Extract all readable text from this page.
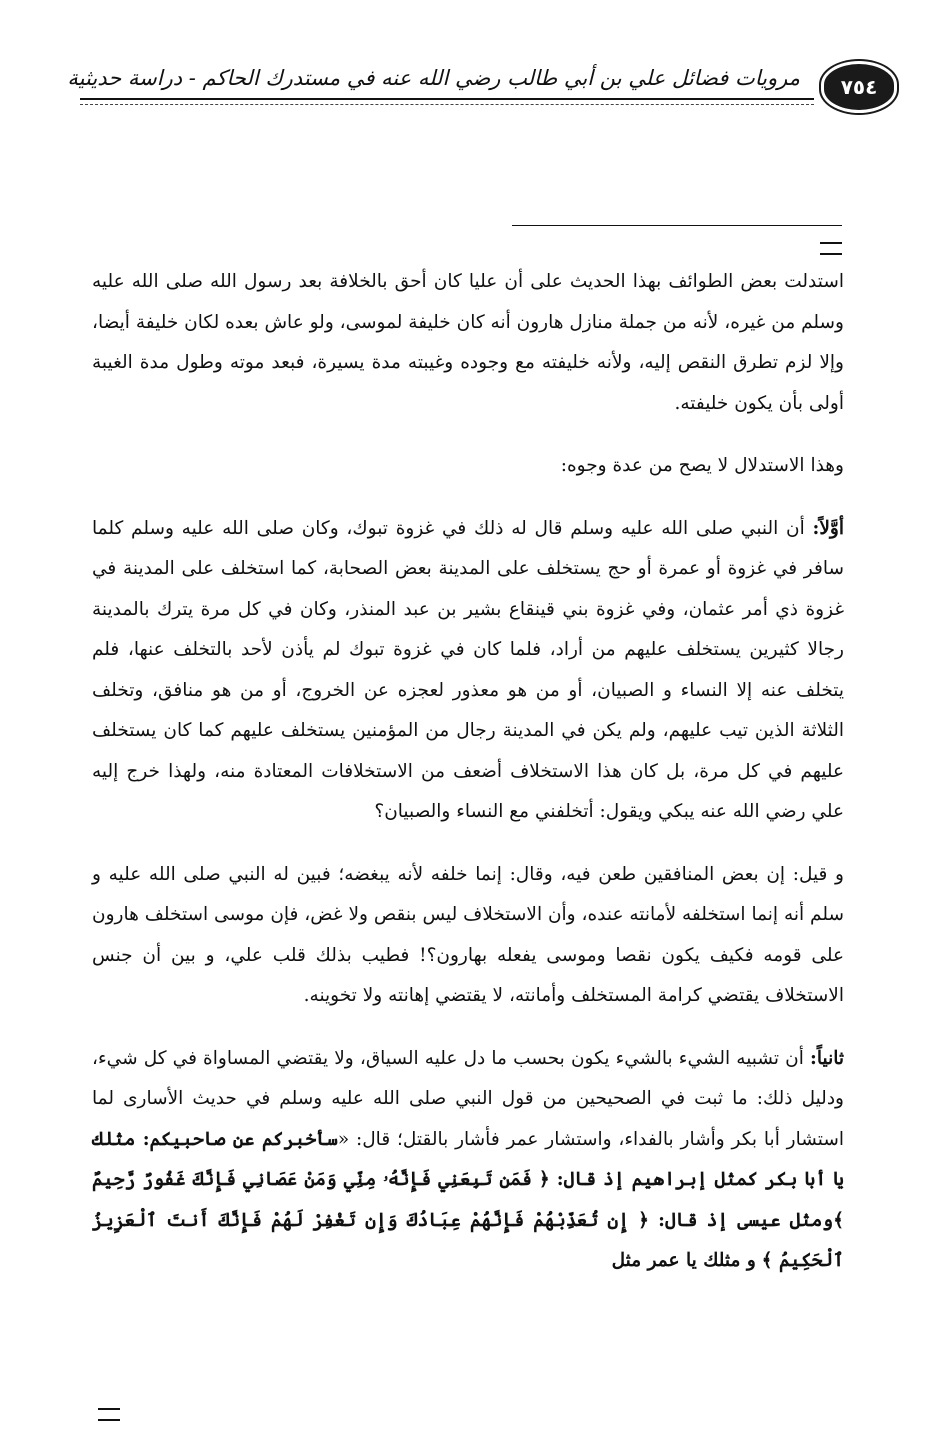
٧٥٤
مرويات فضائل علي بن أبي طالب رضي الله عنه في مستدرك الحاكم - دراسة حديثية

استدلت بعض الطوائف بهذا الحديث على أن عليا كان أحق بالخلافة بعد رسول الله صلى الله عليه وسلم من غيره، لأنه من جملة منازل هارون أنه كان خليفة لموسى، ولو عاش بعده لكان خليفة أيضا، وإلا لزم تطرق النقص إليه، ولأنه خليفته مع وجوده وغيبته مدة يسيرة، فبعد موته وطول مدة الغيبة أولى بأن يكون خليفته.

وهذا الاستدلال لا يصح من عدة وجوه:

أوَّلاً: أن النبي صلى الله عليه وسلم قال له ذلك في غزوة تبوك، وكان صلى الله عليه وسلم كلما سافر في غزوة أو عمرة أو حج يستخلف على المدينة بعض الصحابة، كما استخلف على المدينة في غزوة ذي أمر عثمان، وفي غزوة بني قينقاع بشير بن عبد المنذر، وكان في كل مرة يترك بالمدينة رجالا كثيرين يستخلف عليهم من أراد، فلما كان في غزوة تبوك لم يأذن لأحد بالتخلف عنها، فلم يتخلف عنه إلا النساء و الصبيان، أو من هو معذور لعجزه عن الخروج، أو من هو منافق، وتخلف الثلاثة الذين تيب عليهم، ولم يكن في المدينة رجال من المؤمنين يستخلف عليهم كما كان يستخلف عليهم في كل مرة، بل كان هذا الاستخلاف أضعف من الاستخلافات المعتادة منه، ولهذا خرج إليه علي رضي الله عنه يبكي ويقول: أتخلفني مع النساء والصبيان؟

و قيل: إن بعض المنافقين طعن فيه، وقال: إنما خلفه لأنه يبغضه؛ فبين له النبي صلى الله عليه و سلم أنه إنما استخلفه لأمانته عنده، وأن الاستخلاف ليس بنقص ولا غض، فإن موسى استخلف هارون على قومه فكيف يكون نقصا وموسى يفعله بهارون؟! فطيب بذلك قلب علي، و بين أن جنس الاستخلاف يقتضي كرامة المستخلف وأمانته، لا يقتضي إهانته ولا تخوينه.

ثانياً: أن تشبيه الشيء بالشيء يكون بحسب ما دل عليه السياق، ولا يقتضي المساواة في كل شيء، ودليل ذلك: ما ثبت في الصحيحين من قول النبي صلى الله عليه وسلم في حديث الأسارى لما استشار أبا بكر وأشار بالفداء، واستشار عمر فأشار بالقتل؛ قال: «سأخبركم عن صاحبيكم: مثلك يا أبا بكر كمثل إبراهيم إذ قال: ﴿ فَمَن تَبِعَنِي فَإِنَّهُۥ مِنِّي وَمَنْ عَصَانِي فَإِنَّكَ غَفُورٌ رَّحِيمٌ ﴾ومثل عيسى إذ قال: ﴿ إِن تُعَذِّبْهُمْ فَإِنَّهُمْ عِبَادُكَ وَإِن تَغْفِرْ لَهُمْ فَإِنَّكَ أَنتَ ٱلْعَزِيزُ ٱلْحَكِيمُ ﴾ و مثلك يا عمر مثل
